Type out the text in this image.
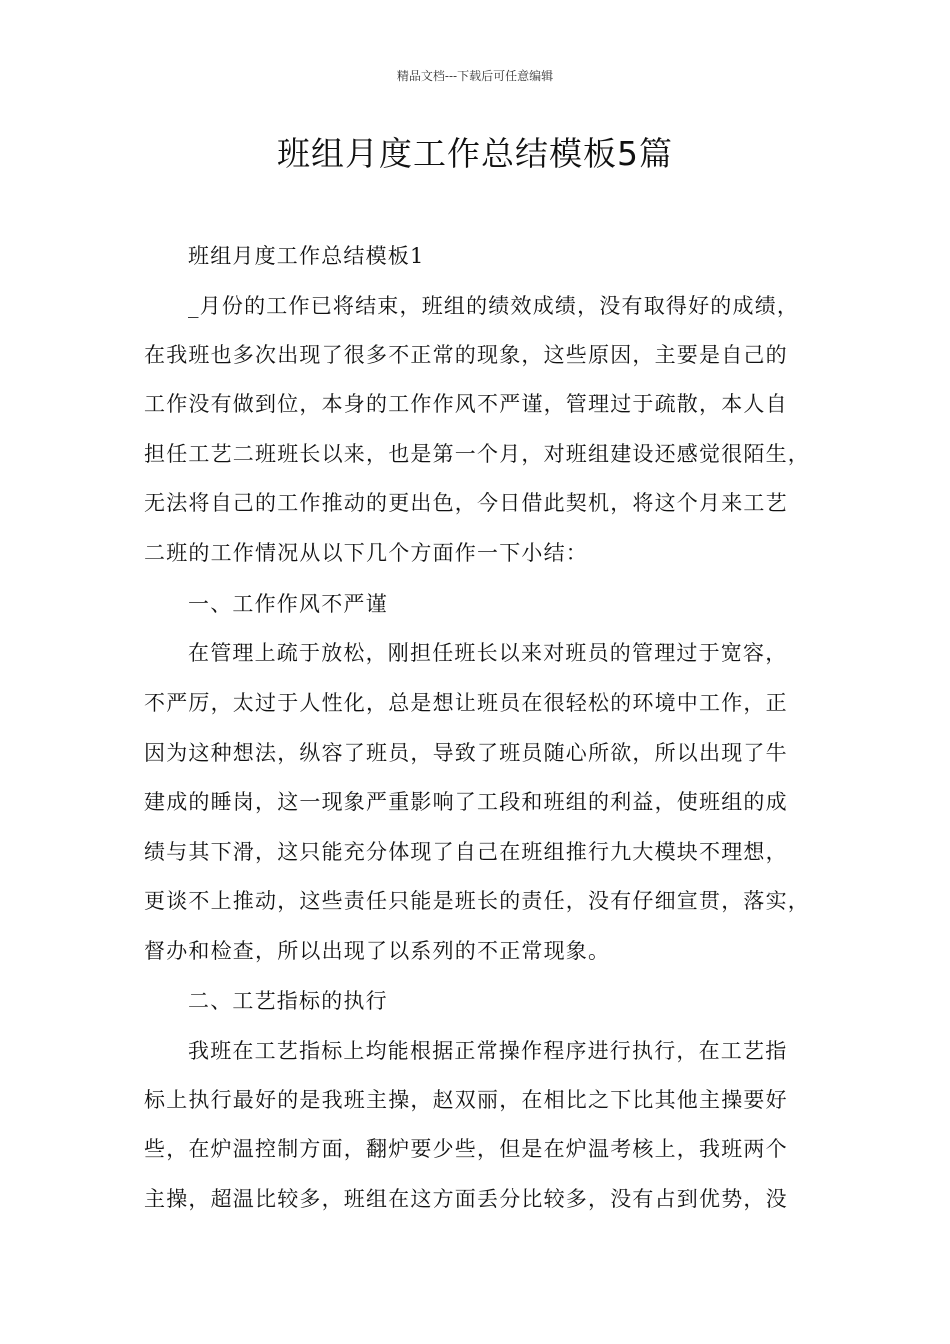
精品文档---下载后可任意编辑
班组月度工作总结模板5篇
班组月度工作总结模板1
_月份的工作已将结束，班组的绩效成绩，没有取得好的成绩，
在我班也多次出现了很多不正常的现象，这些原因，主要是自己的
工作没有做到位，本身的工作作风不严谨，管理过于疏散，本人自
担任工艺二班班长以来，也是第一个月，对班组建设还感觉很陌生，
无法将自己的工作推动的更出色，今日借此契机，将这个月来工艺
二班的工作情况从以下几个方面作一下小结：
一、工作作风不严谨
在管理上疏于放松，刚担任班长以来对班员的管理过于宽容，
不严厉，太过于人性化，总是想让班员在很轻松的环境中工作，正
因为这种想法，纵容了班员，导致了班员随心所欲，所以出现了牛
建成的睡岗，这一现象严重影响了工段和班组的利益，使班组的成
绩与其下滑，这只能充分体现了自己在班组推行九大模块不理想，
更谈不上推动，这些责任只能是班长的责任，没有仔细宣贯，落实，
督办和检查，所以出现了以系列的不正常现象。
二、工艺指标的执行
我班在工艺指标上均能根据正常操作程序进行执行，在工艺指
标上执行最好的是我班主操，赵双丽，在相比之下比其他主操要好
些，在炉温控制方面，翻炉要少些，但是在炉温考核上，我班两个
主操，超温比较多，班组在这方面丢分比较多，没有占到优势，没
